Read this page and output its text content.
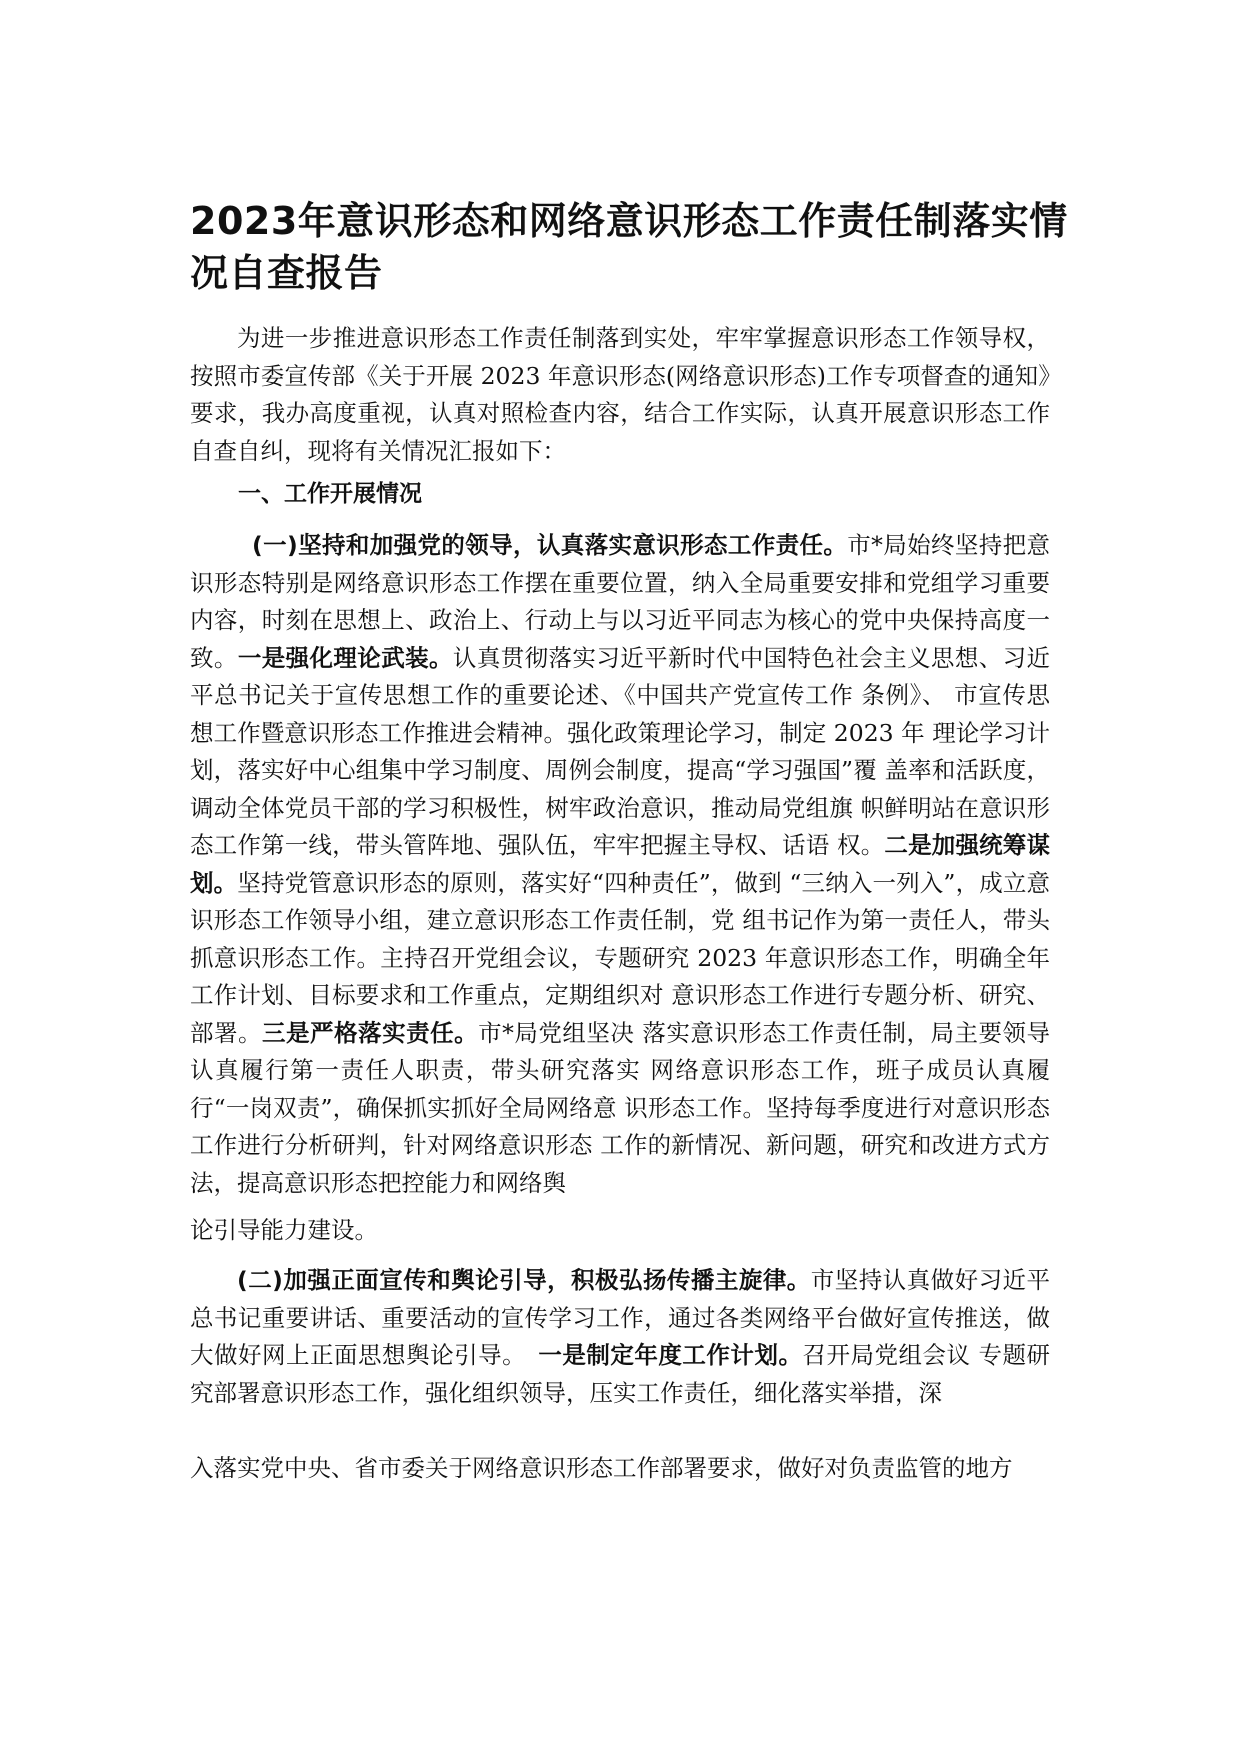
2023年意识形态和网络意识形态工作责任制落实情况自查报告

为进一步推进意识形态工作责任制落到实处，牢牢掌握意识形态工作领导权，按照市委宣传部《关于开展 2023 年意识形态(网络意识形态)工作专项督查的通知》要求，我办高度重视，认真对照检查内容，结合工作实际，认真开展意识形态工作自查自纠，现将有关情况汇报如下：

一、工作开展情况

(一)坚持和加强党的领导，认真落实意识形态工作责任。市*局始终坚持把意识形态特别是网络意识形态工作摆在重要位置，纳入全局重要安排和党组学习重要内容，时刻在思想上、政治上、行动上与以习近平同志为核心的党中央保持高度一致。一是强化理论武装。认真贯彻落实习近平新时代中国特色社会主义思想、习近平总书记关于宣传思想工作的重要论述、《中国共产党宣传工作 条例》、 市宣传思想工作暨意识形态工作推进会精神。强化政策理论学习，制定 2023 年 理论学习计划，落实好中心组集中学习制度、周例会制度，提高“学习强国”覆 盖率和活跃度，调动全体党员干部的学习积极性，树牢政治意识，推动局党组旗 帜鲜明站在意识形态工作第一线，带头管阵地、强队伍，牢牢把握主导权、话语 权。二是加强统筹谋划。坚持党管意识形态的原则，落实好“四种责任”，做到 “三纳入一列入”，成立意识形态工作领导小组，建立意识形态工作责任制，党 组书记作为第一责任人，带头抓意识形态工作。主持召开党组会议，专题研究 2023 年意识形态工作，明确全年工作计划、目标要求和工作重点，定期组织对 意识形态工作进行专题分析、研究、部署。三是严格落实责任。市*局党组坚决 落实意识形态工作责任制，局主要领导认真履行第一责任人职责，带头研究落实 网络意识形态工作，班子成员认真履行“一岗双责”，确保抓实抓好全局网络意 识形态工作。坚持每季度进行对意识形态工作进行分析研判，针对网络意识形态 工作的新情况、新问题，研究和改进方式方法，提高意识形态把控能力和网络舆

论引导能力建设。

(二)加强正面宣传和舆论引导，积极弘扬传播主旋律。市坚持认真做好习近平总书记重要讲话、重要活动的宣传学习工作，通过各类网络平台做好宣传推送，做大做好网上正面思想舆论引导。　一是制定年度工作计划。召开局党组会议 专题研究部署意识形态工作，强化组织领导，压实工作责任，细化落实举措，深

入落实党中央、省市委关于网络意识形态工作部署要求，做好对负责监管的地方
